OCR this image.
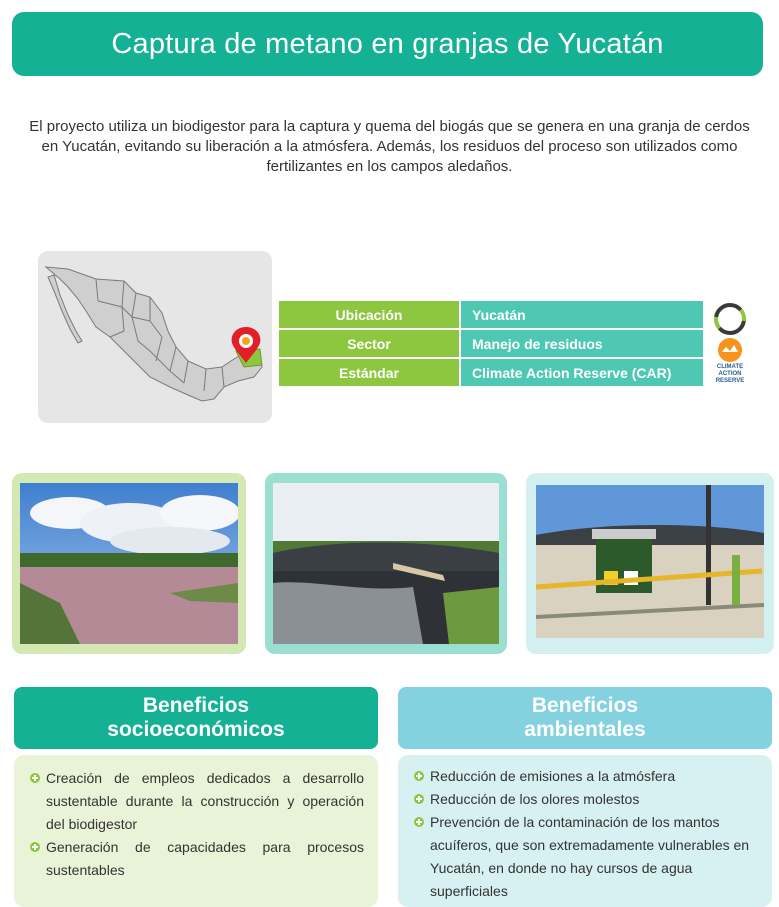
Captura de metano en granjas de Yucatán
El proyecto utiliza un biodigestor para la captura y quema del biogás que se genera en una granja de cerdos en Yucatán, evitando su liberación a la atmósfera. Además, los residuos del proceso son utilizados como fertilizantes en los campos aledaños.
Ubicación	Yucatán
Sector	Manejo de residuos
Estándar	Climate Action Reserve (CAR)	CLIMATE ACTION RESERVE
Beneficios
socioeconómicos
Creación de empleos dedicados a desarrollo sustentable durante la construcción y operación del biodigestor
Generación de capacidades para procesos sustentables
Beneficios
ambientales
Reducción de emisiones a la atmósfera
Reducción de los olores molestos
Prevención de la contaminación de los mantos acuíferos, que son extremadamente vulnerables en Yucatán, en donde no hay cursos de agua superficiales
